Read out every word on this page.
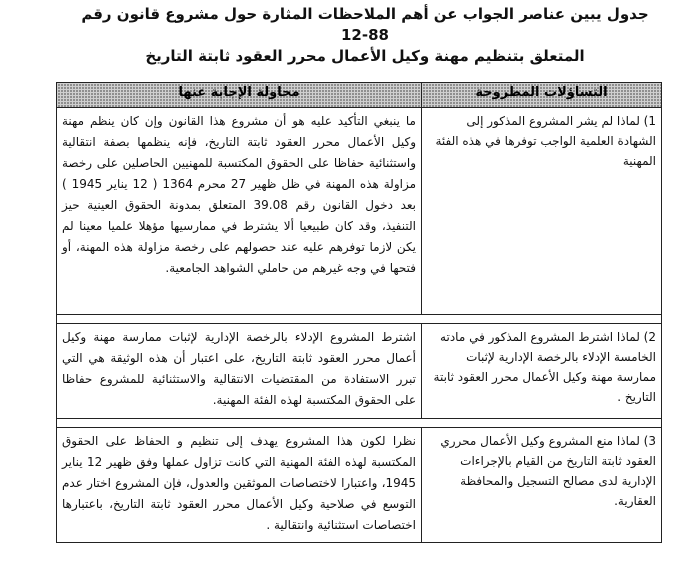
جدول يبين عناصر الجواب عن أهم الملاحظات المثارة حول مشروع قانون رقم 88-12
المتعلق بتنظيم مهنة وكيل الأعمال محرر العقود ثابتة التاريخ
التساؤلات المطروحة	محاولة الإجابة عنها
1) لماذا لم يشر المشروع المذكور إلى الشهادة العلمية الواجب توفرها في هذه الفئة المهنية	ما ينبغي التأكيد عليه هو أن مشروع هذا القانون وإن كان ينظم مهنة وكيل الأعمال محرر العقود ثابتة التاريخ، فإنه ينظمها بصفة انتقالية واستثنائية حفاظا على الحقوق المكتسبة للمهنيين الحاصلين على رخصة مزاولة هذه المهنة في ظل ظهير 27 محرم 1364 ( 12 يناير 1945 ) بعد دخول القانون رقم 39.08 المتعلق بمدونة الحقوق العينية حيز التنفيذ، وقد كان طبيعيا ألا يشترط في ممارسيها مؤهلا علميا معينا لم يكن لازما توفرهم عليه عند حصولهم على رخصة مزاولة هذه المهنة، أو فتحها في وجه غيرهم من حاملي الشواهد الجامعية.

2) لماذا اشترط المشروع المذكور في مادته الخامسة الإدلاء بالرخصة الإدارية لإثبات ممارسة مهنة وكيل الأعمال محرر العقود ثابتة التاريخ .	اشترط المشروع الإدلاء بالرخصة الإدارية لإثبات ممارسة مهنة وكيل أعمال محرر العقود ثابتة التاريخ، على اعتبار أن هذه الوثيقة هي التي تبرر الاستفادة من المقتضيات الانتقالية والاستثنائية للمشروع حفاظا على الحقوق المكتسبة لهذه الفئة المهنية.

3) لماذا منع المشروع وكيل الأعمال محرري العقود ثابتة التاريخ من القيام بالإجراءات الإدارية لدى مصالح التسجيل والمحافظة العقارية.	نظرا لكون هذا المشروع يهدف إلى تنظيم و الحفاظ على الحقوق المكتسبة لهذه الفئة المهنية التي كانت تزاول عملها وفق ظهير 12 يناير 1945، واعتبارا لاختصاصات الموثقين والعدول، فإن المشروع اختار عدم التوسع في صلاحية وكيل الأعمال محرر العقود ثابتة التاريخ، باعتبارها اختصاصات استثنائية وانتقالية .
